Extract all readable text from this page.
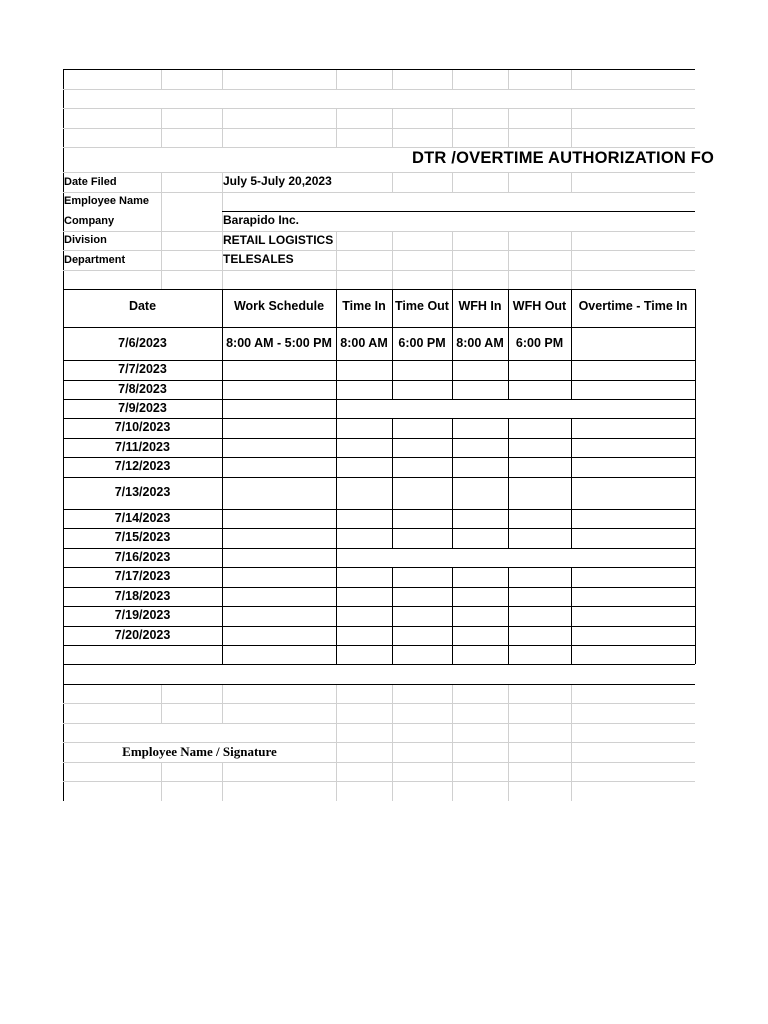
DTR /OVERTIME AUTHORIZATION FO
Date Filed
Employee Name
Company
Division
Department
July 5-July 20,2023
Barapido Inc.
RETAIL LOGISTICS
TELESALES
Date	Work Schedule	Time In Time Out WFH In WFH Out Overtime - Time In
8:00 AM - 5:00 PM 8:00 AM 6:00 PM 8:00 AM 6:00 PM
7/6/2023
7/7/2023
7/8/2023
7/9/2023
7/10/2023
7/11/2023
7/12/2023
7/13/2023
7/14/2023
7/15/2023
7/16/2023
7/17/2023
7/18/2023
7/19/2023
7/20/2023
Employee Name / Signature
